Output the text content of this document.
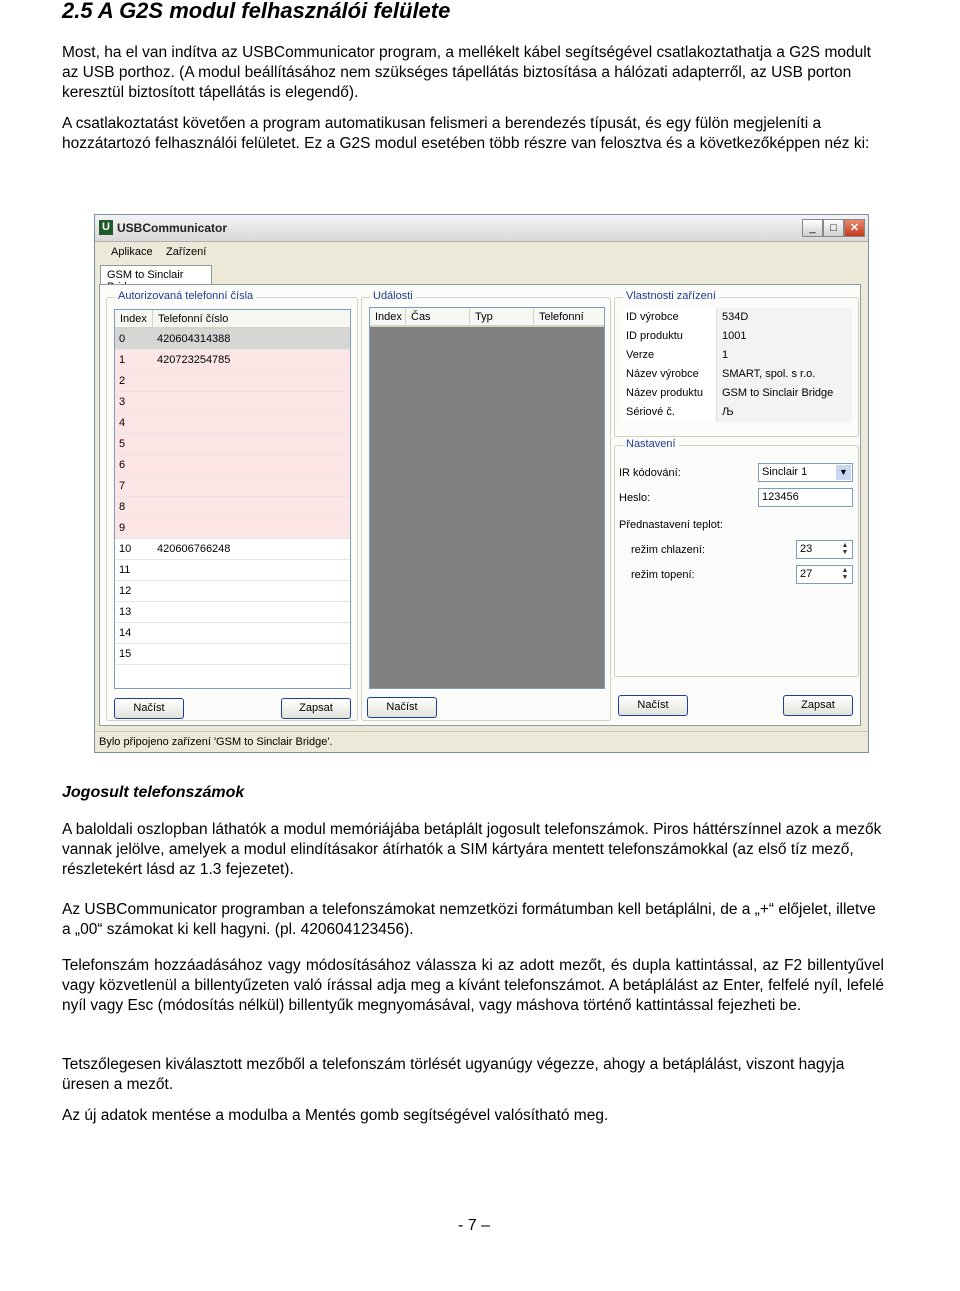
2.5 A G2S modul felhasználói felülete

Most, ha el van indítva az USBCommunicator program, a mellékelt kábel segítségével csatlakoztathatja a G2S modult az USB porthoz. (A modul beállításához nem szükséges tápellátás biztosítása a hálózati adapterről, az USB porton keresztül biztosított tápellátás is elegendő).

A csatlakoztatást követően a program automatikusan felismeri a berendezés típusát, és egy fülön megjeleníti a hozzátartozó felhasználói felületet. Ez a G2S modul esetében több részre van felosztva és a következőképpen néz ki:

U USBCommunicator	_	□	✕
Aplikace Zařízení
GSM to Sinclair
Autorizovaná telefonní čísla
Index	Telefonní číslo
0	420604314388
1	420723254785
2
3
4
5
6
7
8
9
10 420606766248
11
12
13
14
15
Načíst	Zapsat
Události
Index Čas	Typ	Telefonní
Načíst
Vlastnosti zařízení
ID výrobce	534D
ID produktu	1001
Verze	1
Název výrobce	SMART, spol. s r.o.
Název produktu	GSM to Sinclair Bridge
Sériové č.	Љ
Nastavení
IR kódování:	Sinclair 1	▼
Heslo:	123456
Přednastavení teplot:
režim chlazení:	23	▲
▼
režim topení:	27	▲
▼
Načíst	Zapsat
Bylo připojeno zařízení 'GSM to Sinclair Bridge'.
Jogosult telefonszámok

A baloldali oszlopban láthatók a modul memóriájába betáplált jogosult telefonszámok. Piros háttérszínnel azok a mezők vannak jelölve, amelyek a modul elindításakor átírhatók a SIM kártyára mentett telefonszámokkal (az első tíz mező, részletekért lásd az 1.3 fejezetet).

Az USBCommunicator programban a telefonszámokat nemzetközi formátumban kell betáplálni, de a „+“ előjelet, illetve a „00“ számokat ki kell hagyni. (pl. 420604123456).

Telefonszám hozzáadásához vagy módosításához válassza ki az adott mezőt, és dupla kattintással, az F2 billentyűvel vagy közvetlenül a billentyűzeten való írással adja meg a kívánt telefonszámot. A betáplálást az Enter, felfelé nyíl, lefelé nyíl vagy Esc (módosítás nélkül) billentyűk megnyomásával, vagy máshova történő kattintással fejezheti be.

Tetszőlegesen kiválasztott mezőből a telefonszám törlését ugyanúgy végezze, ahogy a betáplálást, viszont hagyja üresen a mezőt.

Az új adatok mentése a modulba a Mentés gomb segítségével valósítható meg.

- 7 –
